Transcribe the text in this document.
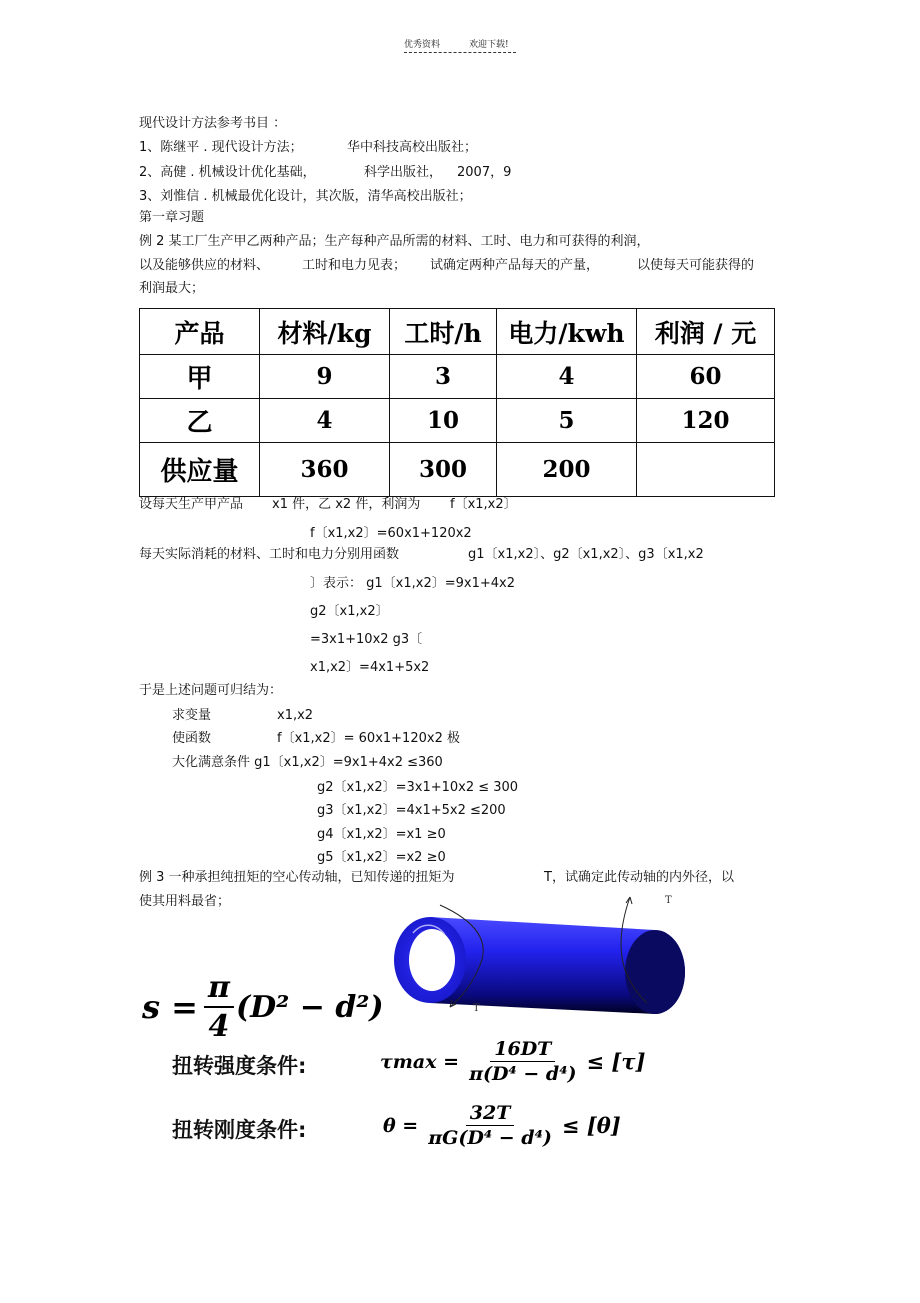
优秀资料	欢迎下载!
现代设计方法参考书目 ：
1、陈继平 . 现代设计方法；	华中科技高校出版社；
2、高健 . 机械设计优化基础，	科学出版社， 2007，9
3、刘惟信 . 机械最优化设计，其次版，清华高校出版社；
第一章习题
例 2 某工厂生产甲乙两种产品；生产每种产品所需的材料、工时、电力和可获得的利润，
以及能够供应的材料、	工时和电力见表； 试确定两种产品每天的产量，	以使每天可能获得的
利润最大；
产品	材料/kg	工时/h	电力/kwh	利润 / 元
甲	9	3	4	60
乙	4	10	5	120
供应量	360	300	200	
设每天生产甲产品 x1 件，乙 x2 件，利润为 f〔x1,x2〕
f〔x1,x2〕=60x1+120x2
每天实际消耗的材料、工时和电力分别用函数	g1〔x1,x2〕、g2〔x1,x2〕、g3〔x1,x2
〕表示： g1〔x1,x2〕=9x1+4x2
g2〔x1,x2〕
=3x1+10x2 g3〔
x1,x2〕=4x1+5x2
于是上述问题可归结为：
求变量	x1,x2
使函数	f〔x1,x2〕= 60x1+120x2 极
大化满意条件 g1〔x1,x2〕=9x1+4x2 ≤360
g2〔x1,x2〕=3x1+10x2 ≤ 300
g3〔x1,x2〕=4x1+5x2 ≤200
g4〔x1,x2〕=x1 ≥0
g5〔x1,x2〕=x2 ≥0
例 3 一种承担纯扭矩的空心传动轴，已知传递的扭矩为	T，试确定此传动轴的内外径，以
使其用料最省；	T
T
$s = \frac{\pi}{4} (D^2 - d^2)$
扭转强度条件:	$\tau\max = \frac{16DT}{\text{π(D⁴ − d⁴)}} \le [\tau]$
扭转刚度条件:	$\theta = \frac{32T}{\text{πG(D⁴ − d⁴)}} \le [\theta]$
